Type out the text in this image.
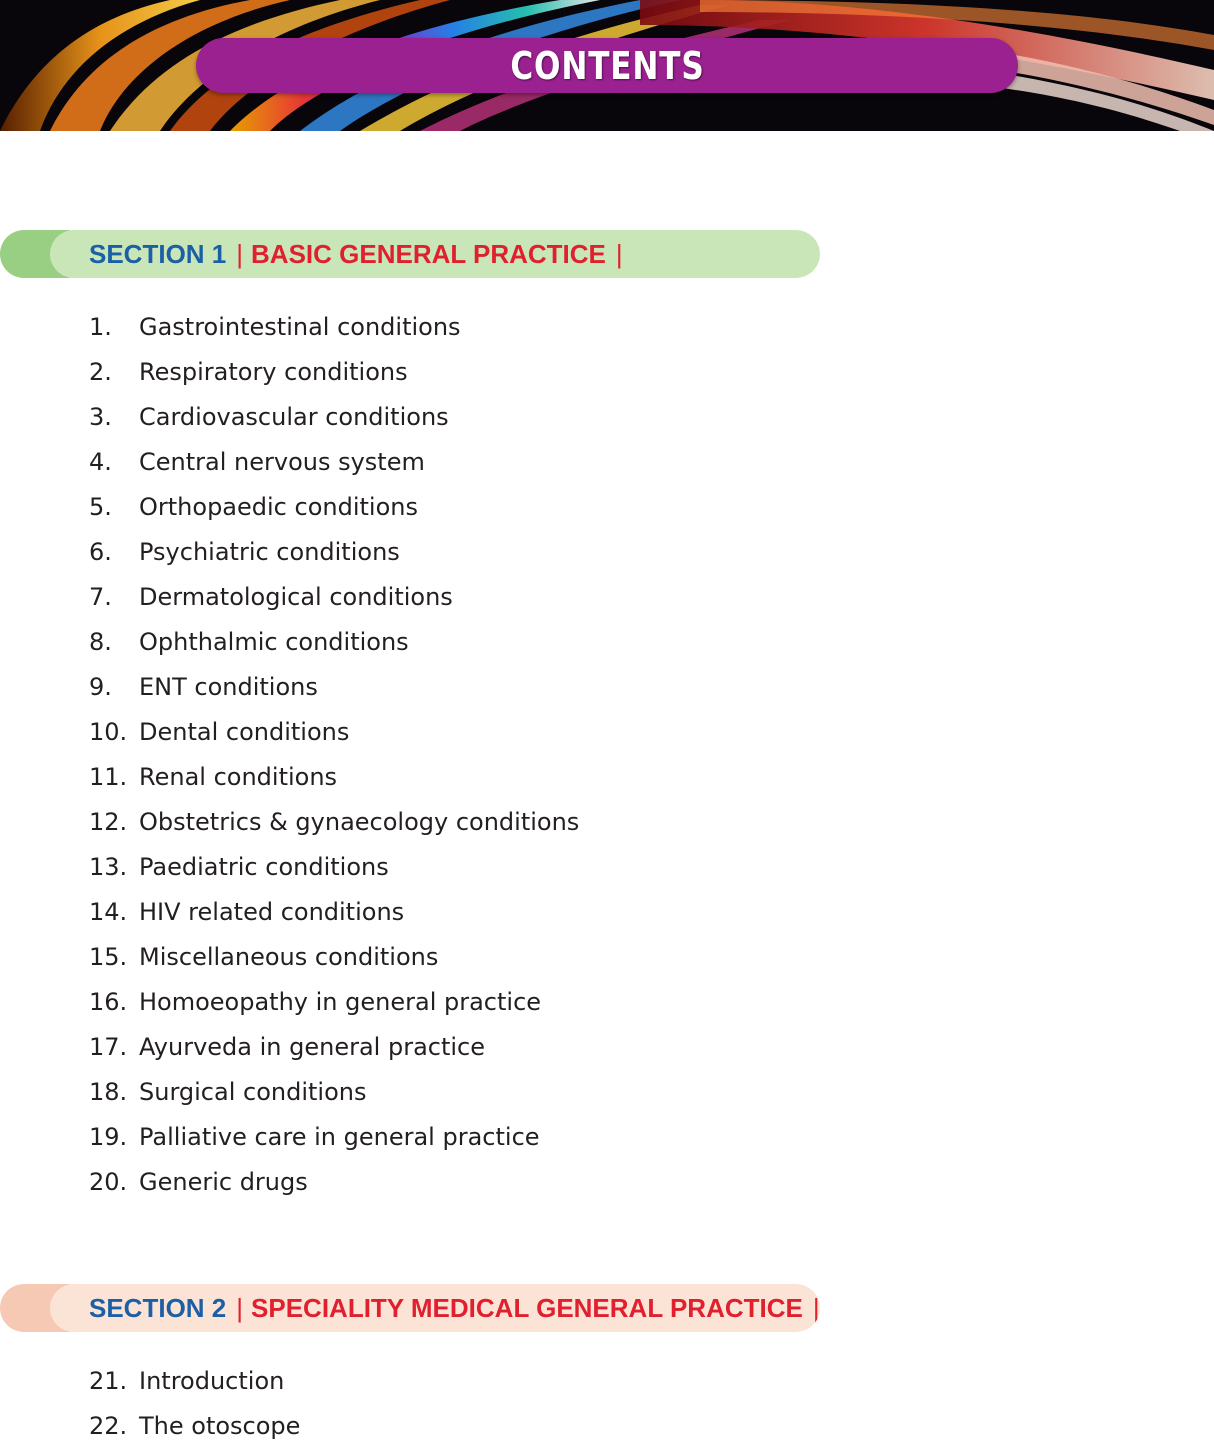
CONTENTS
SECTION 1 | BASIC GENERAL PRACTICE |
1.	Gastrointestinal conditions
2.	Respiratory conditions
3.	Cardiovascular conditions
4.	Central nervous system
5.	Orthopaedic conditions
6.	Psychiatric conditions
7.	Dermatological conditions
8.	Ophthalmic conditions
9.	ENT conditions
10. Dental conditions
11. Renal conditions
12. Obstetrics & gynaecology conditions
13. Paediatric conditions
14. HIV related conditions
15. Miscellaneous conditions
16. Homoeopathy in general practice
17. Ayurveda in general practice
18. Surgical conditions
19. Palliative care in general practice
20. Generic drugs
SECTION 2 | SPECIALITY MEDICAL GENERAL PRACTICE |
21. Introduction
22. The otoscope
